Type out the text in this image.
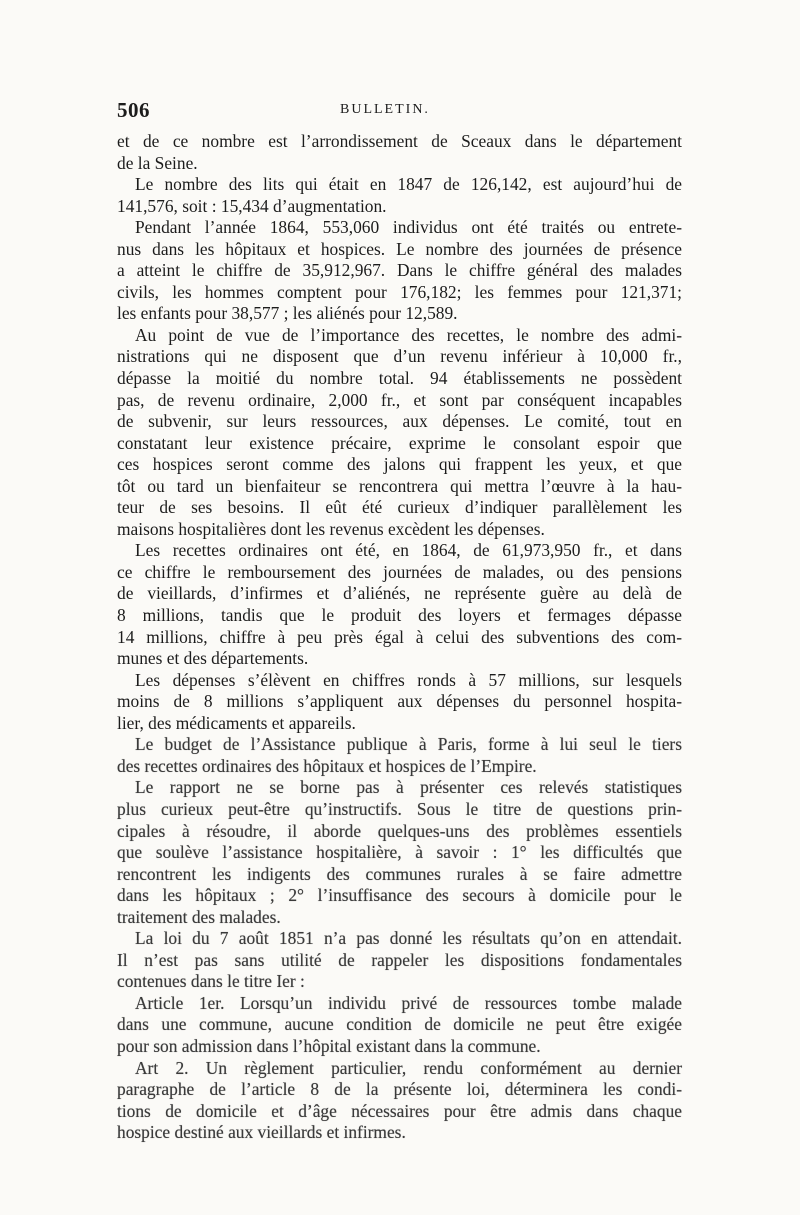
506	BULLETIN.
et de ce nombre est l’arrondissement de Sceaux dans le département
de la Seine.
Le nombre des lits qui était en 1847 de 126,142, est aujourd’hui de
141,576, soit : 15,434 d’augmentation.
Pendant l’année 1864, 553,060 individus ont été traités ou entrete-
nus dans les hôpitaux et hospices. Le nombre des journées de présence
a atteint le chiffre de 35,912,967. Dans le chiffre général des malades
civils, les hommes comptent pour 176,182; les femmes pour 121,371;
les enfants pour 38,577 ; les aliénés pour 12,589.
Au point de vue de l’importance des recettes, le nombre des admi-
nistrations qui ne disposent que d’un revenu inférieur à 10,000 fr.,
dépasse la moitié du nombre total. 94 établissements ne possèdent
pas, de revenu ordinaire, 2,000 fr., et sont par conséquent incapables
de subvenir, sur leurs ressources, aux dépenses. Le comité, tout en
constatant leur existence précaire, exprime le consolant espoir que
ces hospices seront comme des jalons qui frappent les yeux, et que
tôt ou tard un bienfaiteur se rencontrera qui mettra l’œuvre à la hau-
teur de ses besoins. Il eût été curieux d’indiquer parallèlement les
maisons hospitalières dont les revenus excèdent les dépenses.
Les recettes ordinaires ont été, en 1864, de 61,973,950 fr., et dans
ce chiffre le remboursement des journées de malades, ou des pensions
de vieillards, d’infirmes et d’aliénés, ne représente guère au delà de
8 millions, tandis que le produit des loyers et fermages dépasse
14 millions, chiffre à peu près égal à celui des subventions des com-
munes et des départements.
Les dépenses s’élèvent en chiffres ronds à 57 millions, sur lesquels
moins de 8 millions s’appliquent aux dépenses du personnel hospita-
lier, des médicaments et appareils.
Le budget de l’Assistance publique à Paris, forme à lui seul le tiers
des recettes ordinaires des hôpitaux et hospices de l’Empire.
Le rapport ne se borne pas à présenter ces relevés statistiques
plus curieux peut-être qu’instructifs. Sous le titre de questions prin-
cipales à résoudre, il aborde quelques-uns des problèmes essentiels
que soulève l’assistance hospitalière, à savoir : 1° les difficultés que
rencontrent les indigents des communes rurales à se faire admettre
dans les hôpitaux ; 2° l’insuffisance des secours à domicile pour le
traitement des malades.
La loi du 7 août 1851 n’a pas donné les résultats qu’on en attendait.
Il n’est pas sans utilité de rappeler les dispositions fondamentales
contenues dans le titre Ier :
Article 1er. Lorsqu’un individu privé de ressources tombe malade
dans une commune, aucune condition de domicile ne peut être exigée
pour son admission dans l’hôpital existant dans la commune.
Art 2. Un règlement particulier, rendu conformément au dernier
paragraphe de l’article 8 de la présente loi, déterminera les condi-
tions de domicile et d’âge nécessaires pour être admis dans chaque
hospice destiné aux vieillards et infirmes.
